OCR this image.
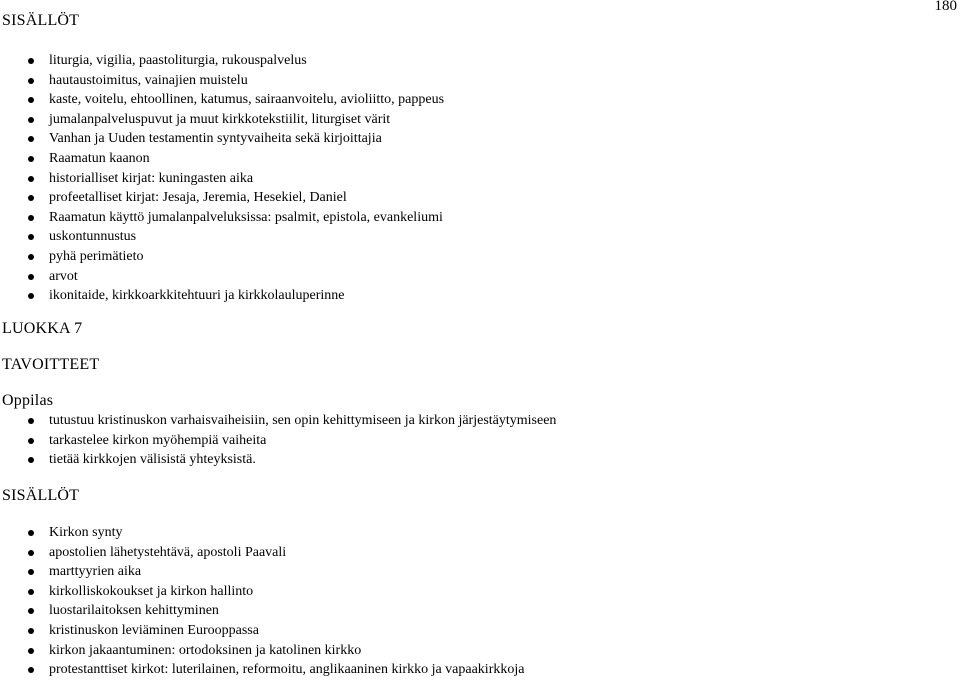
180
SISÄLLÖT
liturgia, vigilia, paastoliturgia, rukouspalvelus
hautaustoimitus, vainajien muistelu
kaste, voitelu, ehtoollinen, katumus, sairaanvoitelu, avioliitto, pappeus
jumalanpalveluspuvut ja muut kirkkotekstiilit, liturgiset värit
Vanhan ja Uuden testamentin syntyvaiheita sekä kirjoittajia
Raamatun kaanon
historialliset kirjat: kuningasten aika
profeetalliset kirjat: Jesaja, Jeremia, Hesekiel, Daniel
Raamatun käyttö jumalanpalveluksissa: psalmit, epistola, evankeliumi
uskontunnustus
pyhä perimätieto
arvot
ikonitaide, kirkkoarkkitehtuuri ja kirkkolauluperinne
LUOKKA 7
TAVOITTEET
Oppilas
tutustuu kristinuskon varhaisvaiheisiin, sen opin kehittymiseen ja kirkon järjestäytymiseen
tarkastelee kirkon myöhempiä vaiheita
tietää kirkkojen välisistä yhteyksistä.
SISÄLLÖT
Kirkon synty
apostolien lähetystehtävä, apostoli Paavali
marttyyrien aika
kirkolliskokoukset ja kirkon hallinto
luostarilaitoksen kehittyminen
kristinuskon leviäminen Eurooppassa
kirkon jakaantuminen: ortodoksinen ja katolinen kirkko
protestanttiset kirkot: luterilainen, reformoitu, anglikaaninen kirkko ja vapaakirkkoja
